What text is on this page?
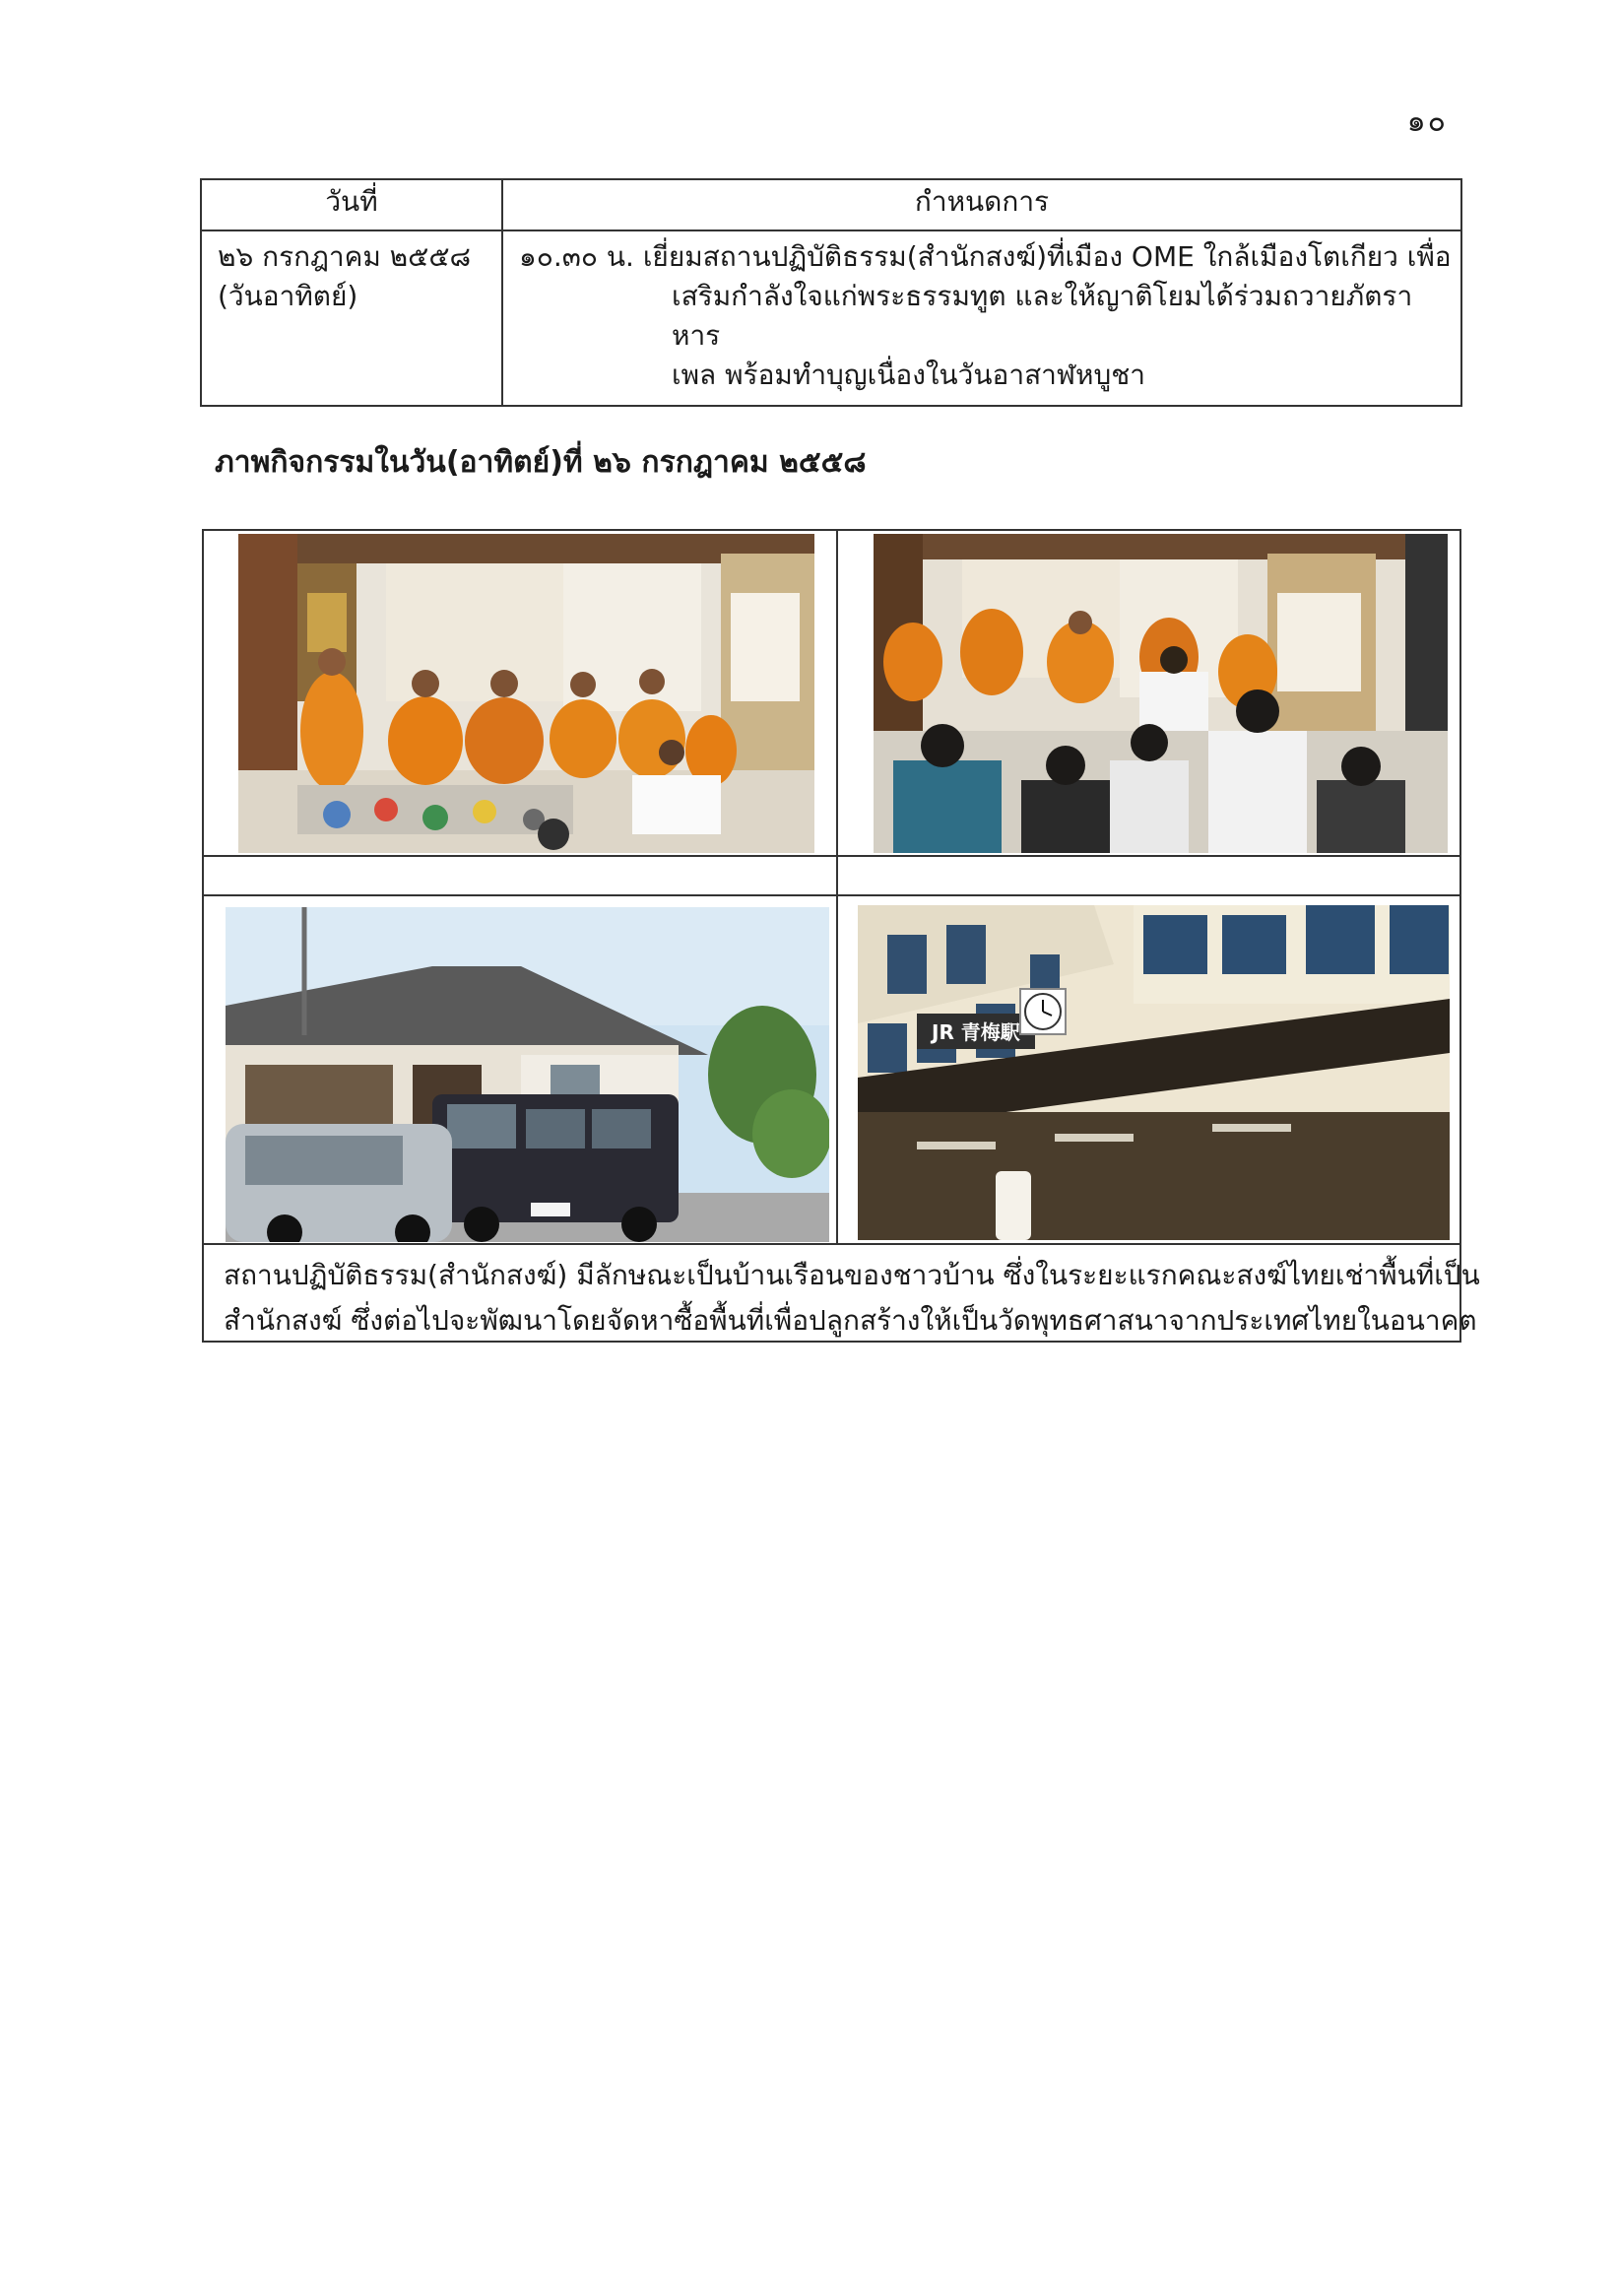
๑๐
วันที่	กำหนดการ

๒๖ กรกฎาคม ๒๕๕๘
(วันอาทิตย์)	๑๐.๓๐ น. เยี่ยมสถานปฏิบัติธรรม(สำนักสงฆ์)ที่เมือง OME ใกล้เมืองโตเกียว เพื่อ
เสริมกำลังใจแก่พระธรรมทูต และให้ญาติโยมได้ร่วมถวายภัตราหาร
เพล พร้อมทำบุญเนื่องในวันอาสาฬหบูชา
ภาพกิจกรรมในวัน(อาทิตย์)ที่ ๒๖ กรกฎาคม ๒๕๕๘
JR 青梅駅
สถานปฏิบัติธรรม(สำนักสงฆ์) มีลักษณะเป็นบ้านเรือนของชาวบ้าน ซึ่งในระยะแรกคณะสงฆ์ไทยเช่าพื้นที่เป็น
สำนักสงฆ์ ซึ่งต่อไปจะพัฒนาโดยจัดหาซื้อพื้นที่เพื่อปลูกสร้างให้เป็นวัดพุทธศาสนาจากประเทศไทยในอนาคต
